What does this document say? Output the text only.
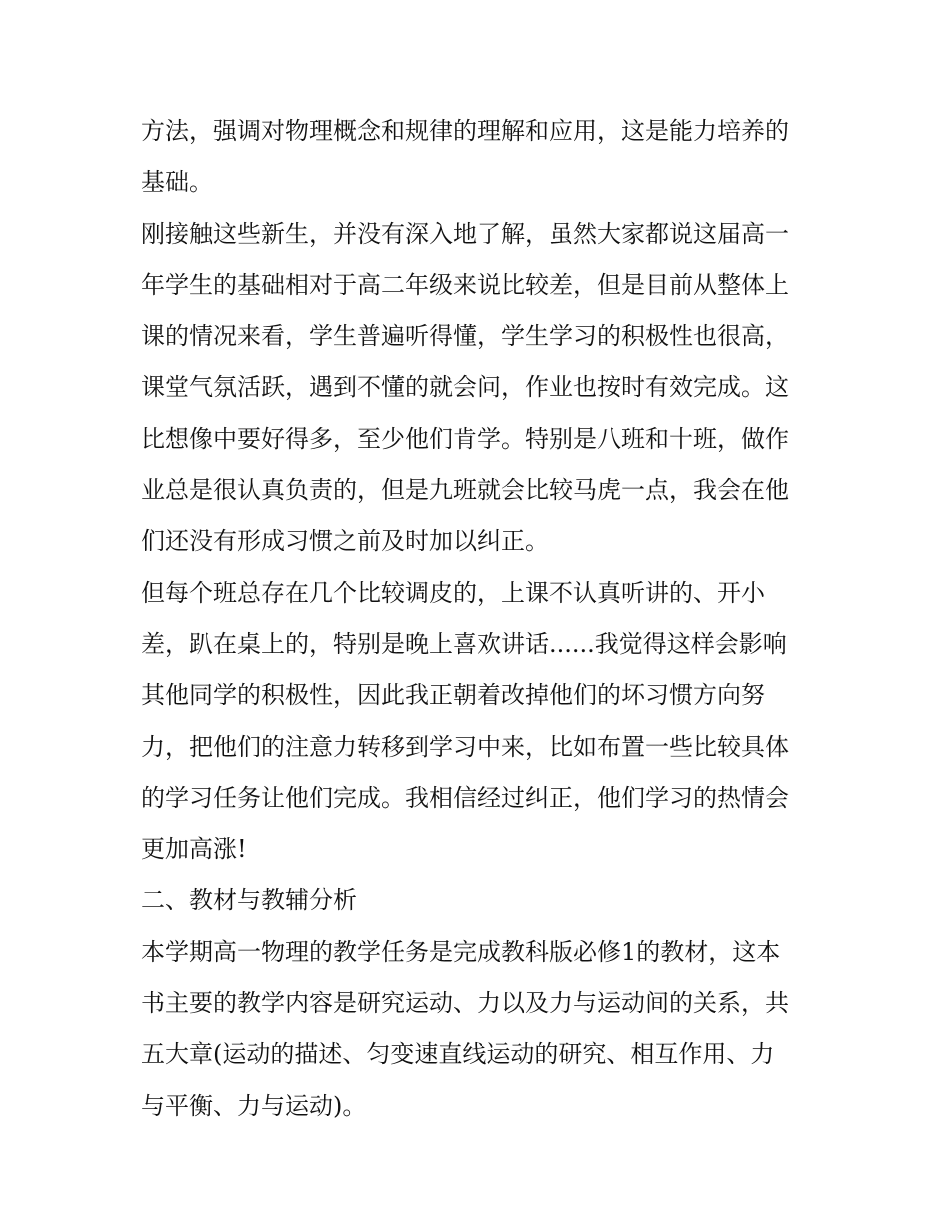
方法，强调对物理概念和规律的理解和应用，这是能力培养的
基础。
刚接触这些新生，并没有深入地了解，虽然大家都说这届高一
年学生的基础相对于高二年级来说比较差，但是目前从整体上
课的情况来看，学生普遍听得懂，学生学习的积极性也很高，
课堂气氛活跃，遇到不懂的就会问，作业也按时有效完成。这
比想像中要好得多，至少他们肯学。特别是八班和十班，做作
业总是很认真负责的，但是九班就会比较马虎一点，我会在他
们还没有形成习惯之前及时加以纠正。
但每个班总存在几个比较调皮的，上课不认真听讲的、开小
差，趴在桌上的，特别是晚上喜欢讲话......我觉得这样会影响
其他同学的积极性，因此我正朝着改掉他们的坏习惯方向努
力，把他们的注意力转移到学习中来，比如布置一些比较具体
的学习任务让他们完成。我相信经过纠正，他们学习的热情会
更加高涨!
二、教材与教辅分析
本学期高一物理的教学任务是完成教科版必修1的教材，这本
书主要的教学内容是研究运动、力以及力与运动间的关系，共
五大章(运动的描述、匀变速直线运动的研究、相互作用、力
与平衡、力与运动)。
